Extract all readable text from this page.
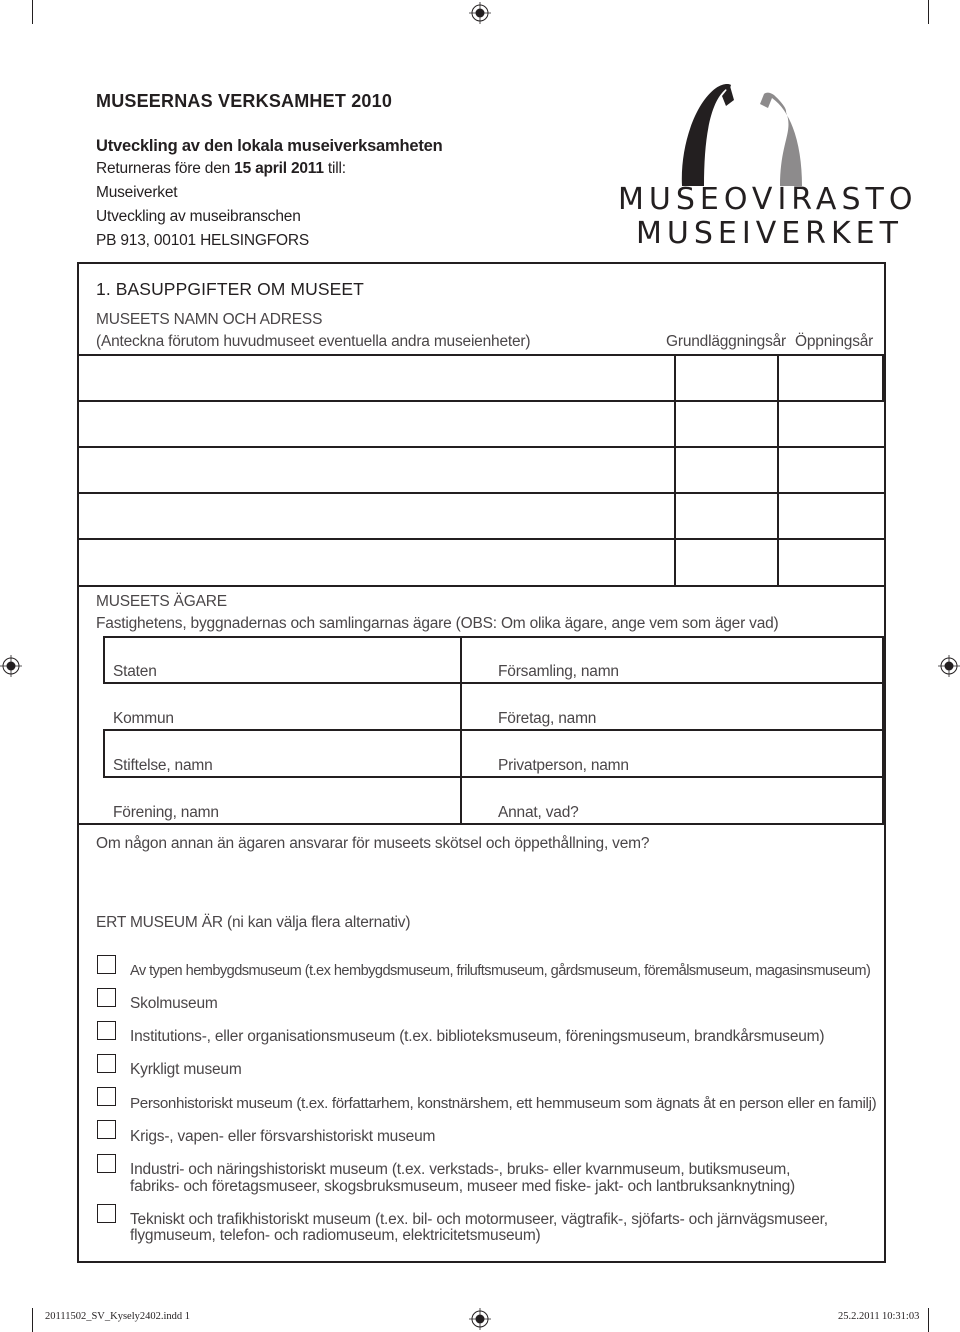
MUSEERNAS VERKSAMHET 2010
Utveckling av den lokala museiverksamheten
Returneras före den 15 april 2011 till:
Museiverket
Utveckling av museibranschen
PB 913, 00101 HELSINGFORS
MUSEOVIRASTO
MUSEIVERKET
1. BASUPPGIFTER OM MUSEET
MUSEETS NAMN OCH ADRESS
(Anteckna förutom huvudmuseet eventuella andra museienheter)	Grundläggningsår Öppningsår
MUSEETS ÄGARE
Fastighetens, byggnadernas och samlingarnas ägare (OBS: Om olika ägare, ange vem som äger vad)
Staten
Kommun
Stiftelse, namn
Förening, namn
Församling, namn
Företag, namn
Privatperson, namn
Annat, vad?
Om någon annan än ägaren ansvarar för museets skötsel och öppethållning, vem?
ERT MUSEUM ÄR (ni kan välja flera alternativ)
Av typen hembygdsmuseum (t.ex hembygdsmuseum, friluftsmuseum, gårdsmuseum, föremålsmuseum, magasinsmuseum)
Skolmuseum
Institutions-, eller organisationsmuseum (t.ex. biblioteksmuseum, föreningsmuseum, brandkårsmuseum)
Kyrkligt museum
Personhistoriskt museum (t.ex. författarhem, konstnärshem, ett hemmuseum som ägnats åt en person eller en familj)
Krigs-, vapen- eller försvarshistoriskt museum
Industri- och näringshistoriskt museum (t.ex. verkstads-, bruks- eller kvarnmuseum, butiksmuseum,
fabriks- och företagsmuseer, skogsbruksmuseum, museer med fiske- jakt- och lantbruksanknytning)
Tekniskt och trafikhistoriskt museum (t.ex. bil- och motormuseer, vägtrafik-, sjöfarts- och järnvägsmuseer,
flygmuseum, telefon- och radiomuseum, elektricitetsmuseum)
20111502_SV_Kysely2402.indd 1	25.2.2011 10:31:03
